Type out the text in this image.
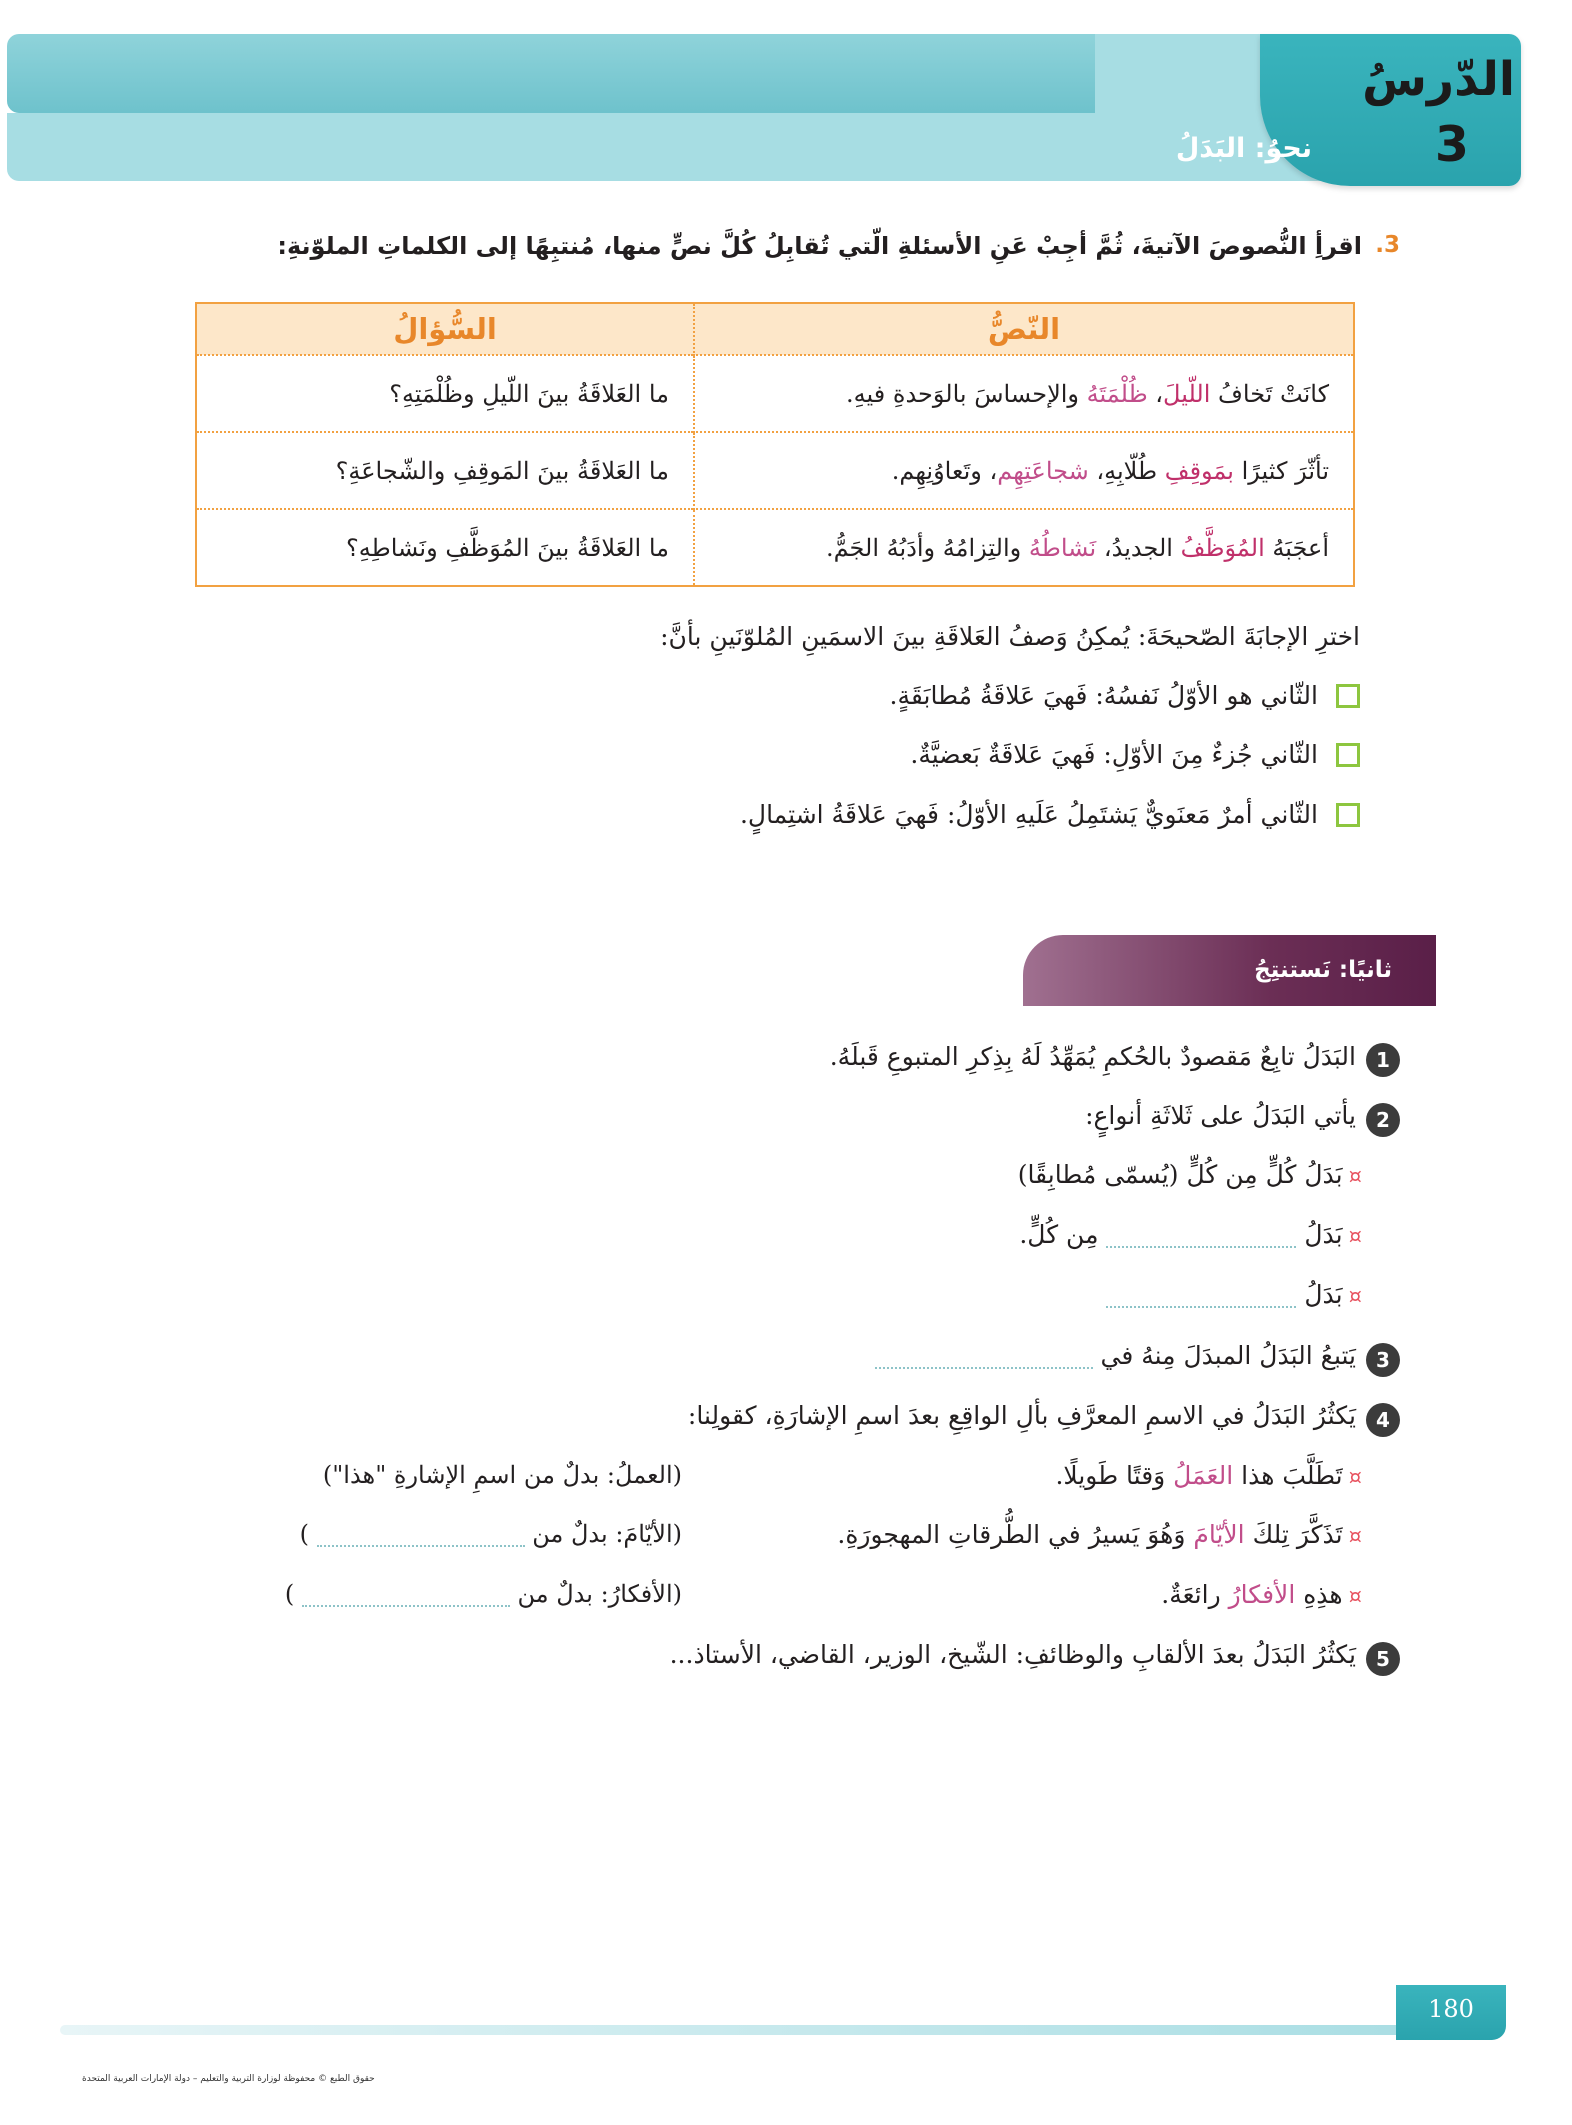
الدّرسُ
3
نحوُ: البَدَلُ
3.
اقرأِ النُّصوصَ الآتيةَ، ثُمَّ أجِبْ عَنِ الأسئلةِ الّتي تُقابِلُ كُلَّ نصٍّ منها، مُنتبِهًا إلى الكلماتِ الملوّنةِ:
النّصُّ	السُّؤالُ
كانَتْ تَخافُ اللّيلَ، ظُلْمَتَهُ والإحساسَ بالوَحدةِ فيهِ.	ما العَلاقَةُ بينَ اللّيلِ وظُلْمَتِهِ؟
تأثّرَ كثيرًا بمَوقِفِ طُلّابِهِ، شجاعَتِهِم، وتَعاوُنِهِم.	ما العَلاقَةُ بينَ المَوقِفِ والشّجاعَةِ؟
أعجَبَهُ المُوَظَّفُ الجديدُ، نَشاطُهُ والتِزامُهُ وأدَبُهُ الجَمُّ.	ما العَلاقَةُ بينَ المُوَظَّفِ ونَشاطِهِ؟
اخترِ الإجابَةَ الصّحيحَةَ: يُمكِنُ وَصفُ العَلاقَةِ بينَ الاسمَينِ المُلوّنَينِ بأنَّ:
الثّاني هو الأوّلُ نَفسُهُ: فَهيَ عَلاقَةُ مُطابَقَةٍ.
الثّاني جُزءٌ مِنَ الأوّلِ: فَهيَ عَلاقَةٌ بَعضيَّةٌ.
الثّاني أمرٌ مَعنَويٌّ يَشتَمِلُ عَلَيهِ الأوّلُ: فَهيَ عَلاقَةُ اشتِمالٍ.
ثانيًا: نَستنتِجُ
1
البَدَلُ تابِعٌ مَقصودٌ بالحُكمِ يُمَهِّدُ لَهُ بِذِكرِ المتبوعِ قَبلَهُ.
2
يأتي البَدَلُ على ثَلاثَةِ أنواعٍ:
¤بَدَلُ كُلٍّ مِن كُلٍّ (يُسمّى مُطابِقًا)
¤بَدَلُ  مِن كُلٍّ.
¤بَدَلُ
3
يَتبعُ البَدَلُ المبدَلَ مِنهُ في
4
يَكثُرُ البَدَلُ في الاسمِ المعرَّفِ بألِ الواقِعِ بعدَ اسمِ الإشارَةِ، كقولِنا:
¤تَطَلَّبَ هذا العَمَلُ وَقتًا طَويلًا.
(العملُ: بدلٌ من اسمِ الإشارةِ "هذا")
¤تَذَكَّرَ تِلكَ الأيّامَ وَهُوَ يَسيرُ في الطُّرقاتِ المهجورَةِ.
(الأيّامَ: بدلٌ من  )
¤هذِهِ الأفكارُ رائعَةٌ.
(الأفكارُ: بدلٌ من  )
5
يَكثُرُ البَدَلُ بعدَ الألقابِ والوظائفِ: الشّيخ، الوزير، القاضي، الأستاذ...
180
حقوق الطبع © محفوظة لوزارة التربية والتعليم – دولة الإمارات العربية المتحدة
